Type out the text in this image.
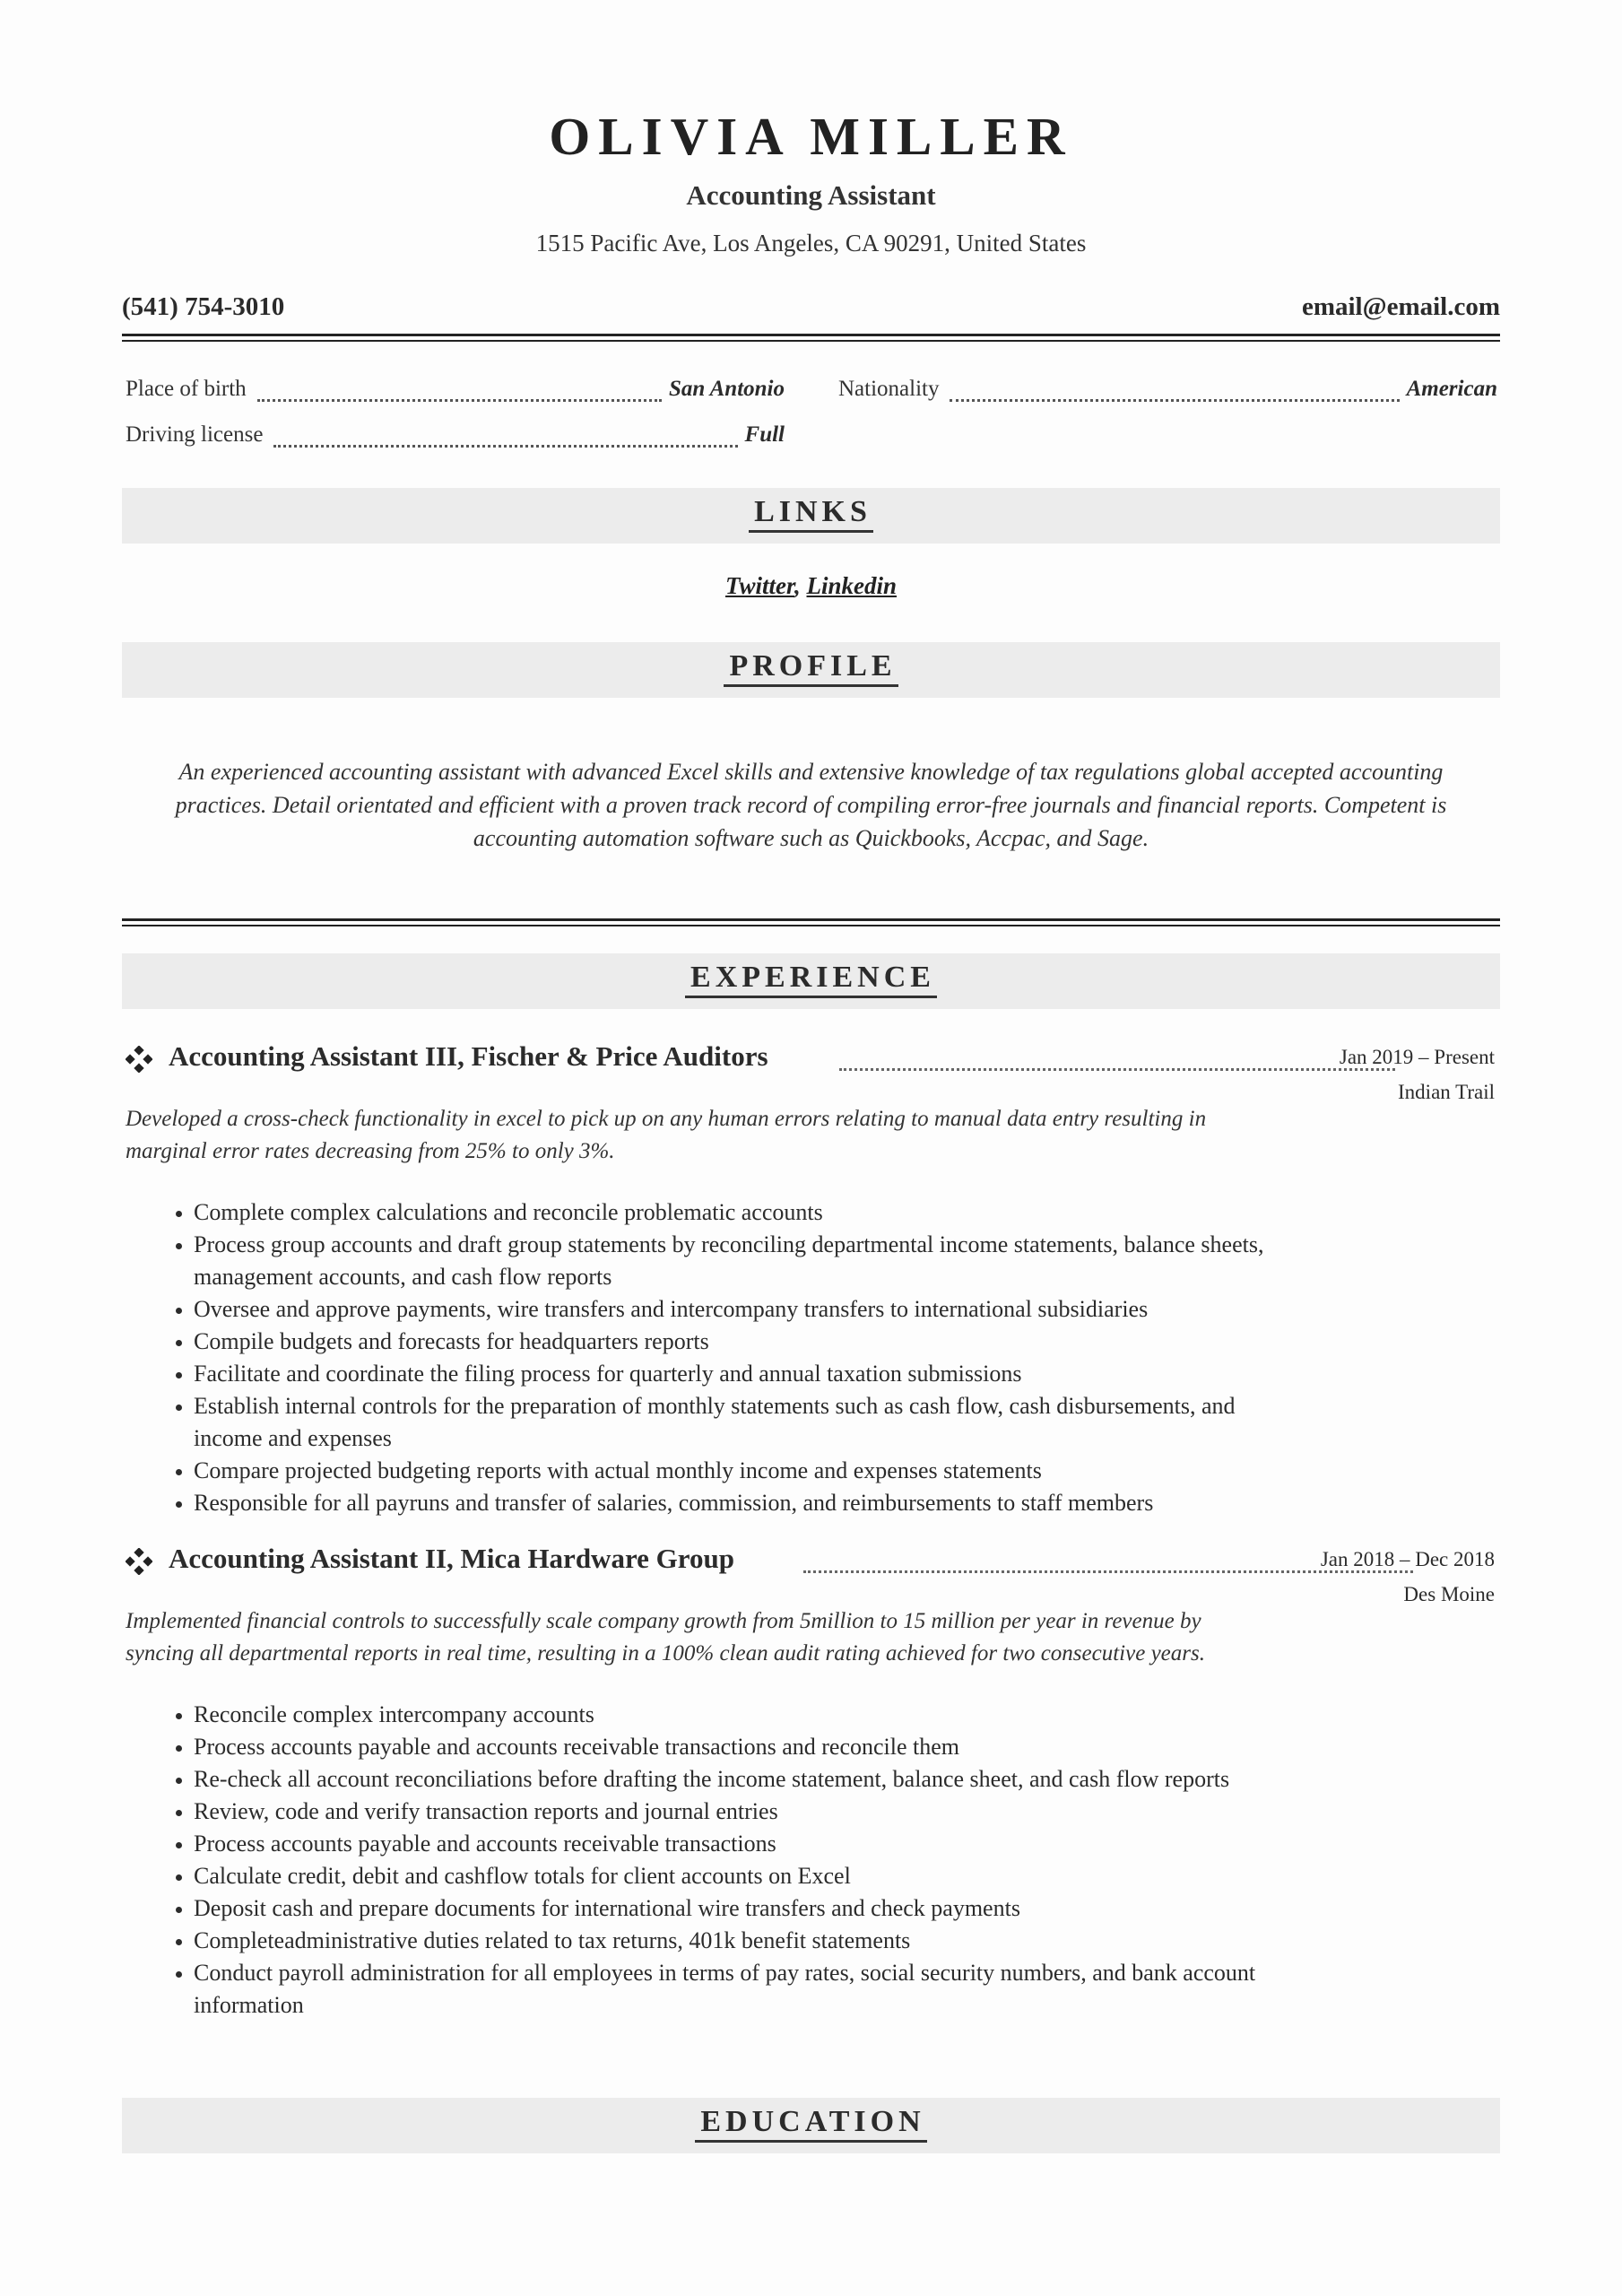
OLIVIA MILLER
Accounting Assistant
1515 Pacific Ave, Los Angeles, CA 90291, United States
(541) 754-3010	email@email.com
Place of birth	San Antonio Nationality	American
Driving license	Full
LINKS
Twitter, Linkedin
PROFILE
An experienced accounting assistant with advanced Excel skills and extensive knowledge of tax regulations global accepted accounting practices. Detail orientated and efficient with a proven track record of compiling error-free journals and financial reports. Competent is accounting automation software such as Quickbooks, Accpac, and Sage.
EXPERIENCE
Accounting Assistant III, Fischer & Price Auditors	Jan 2019 – Present
Indian Trail
Developed a cross-check functionality in excel to pick up on any human errors relating to manual data entry resulting in marginal error rates decreasing from 25% to only 3%.
• Complete complex calculations and reconcile problematic accounts
• Process group accounts and draft group statements by reconciling departmental income statements, balance sheets, management accounts, and cash flow reports
• Oversee and approve payments, wire transfers and intercompany transfers to international subsidiaries
• Compile budgets and forecasts for headquarters reports
• Facilitate and coordinate the filing process for quarterly and annual taxation submissions
• Establish internal controls for the preparation of monthly statements such as cash flow, cash disbursements, and income and expenses
• Compare projected budgeting reports with actual monthly income and expenses statements
• Responsible for all payruns and transfer of salaries, commission, and reimbursements to staff members
Accounting Assistant II, Mica Hardware Group	Jan 2018 – Dec 2018
Des Moine
Implemented financial controls to successfully scale company growth from 5million to 15 million per year in revenue by syncing all departmental reports in real time, resulting in a 100% clean audit rating achieved for two consecutive years.
• Reconcile complex intercompany accounts
• Process accounts payable and accounts receivable transactions and reconcile them
• Re-check all account reconciliations before drafting the income statement, balance sheet, and cash flow reports
• Review, code and verify transaction reports and journal entries
• Process accounts payable and accounts receivable transactions
• Calculate credit, debit and cashflow totals for client accounts on Excel
• Deposit cash and prepare documents for international wire transfers and check payments
• Completeadministrative duties related to tax returns, 401k benefit statements
• Conduct payroll administration for all employees in terms of pay rates, social security numbers, and bank account information
EDUCATION
